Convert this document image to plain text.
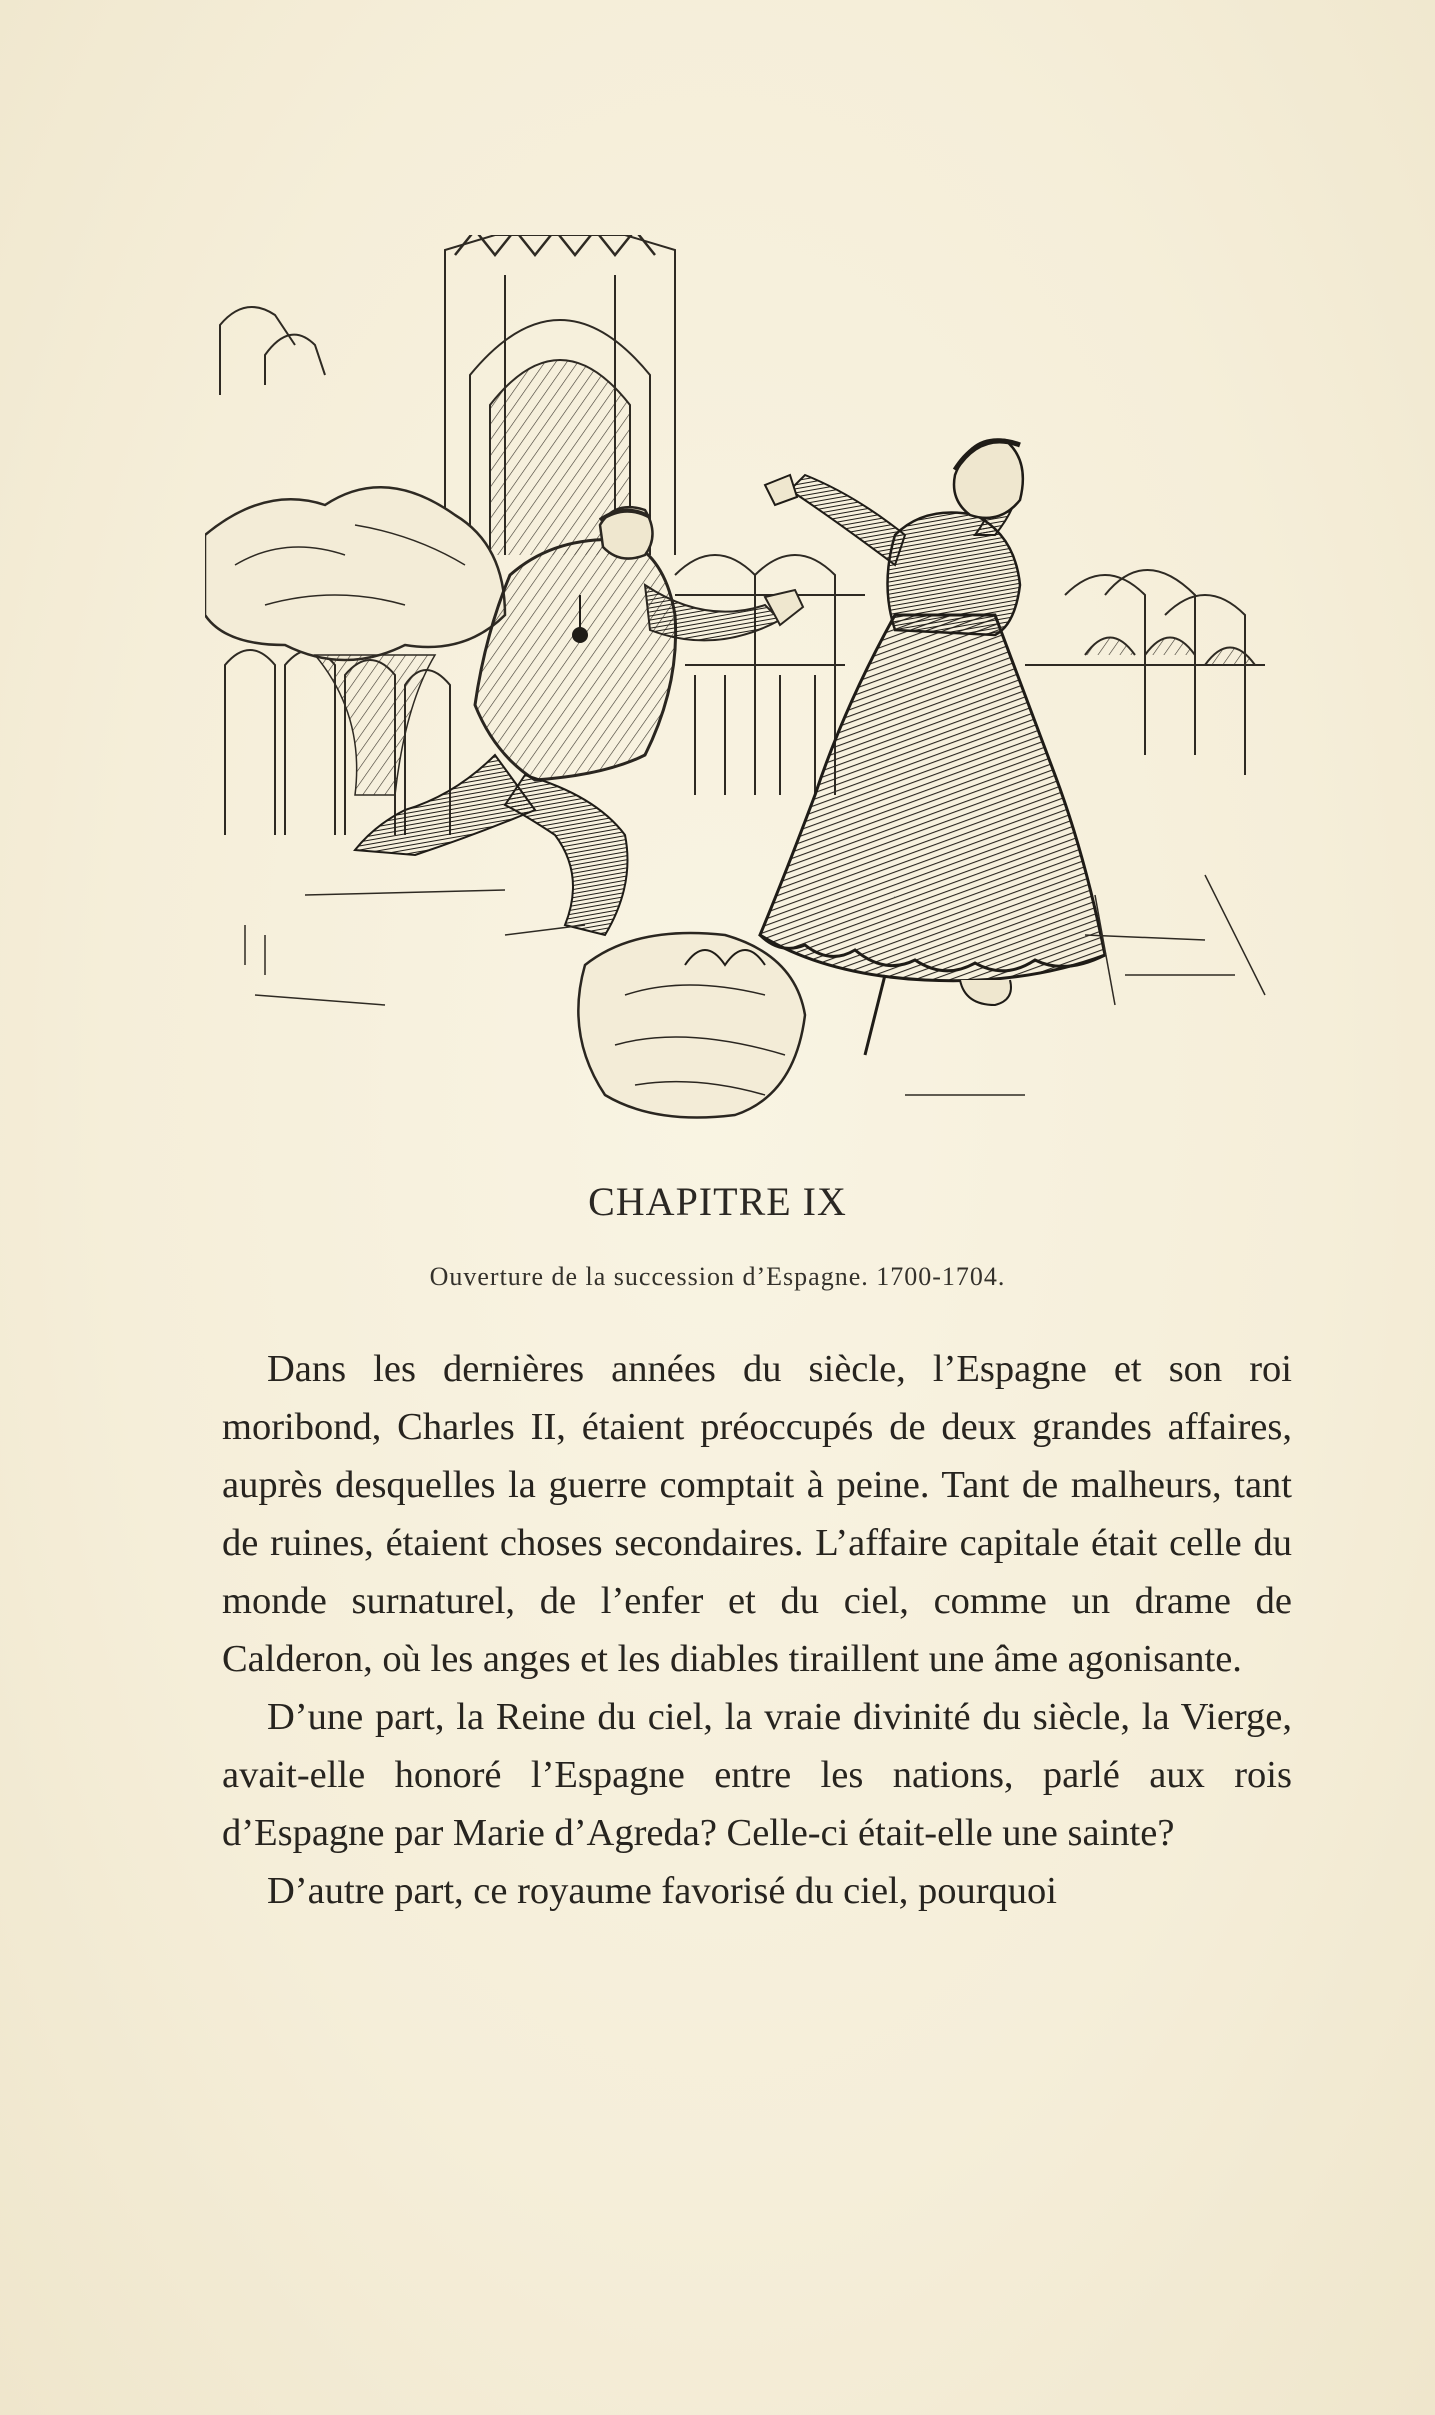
CHAPITRE IX
Ouverture de la succession d’Espagne. 1700-1704.

Dans les dernières années du siècle, l’Espagne et son roi moribond, Charles II, étaient préoccupés de deux grandes affaires, auprès desquelles la guerre comptait à peine. Tant de malheurs, tant de ruines, étaient choses secondaires. L’affaire capitale était celle du monde surnaturel, de l’enfer et du ciel, comme un drame de Calderon, où les anges et les diables tiraillent une âme agonisante.

D’une part, la Reine du ciel, la vraie divinité du siècle, la Vierge, avait-elle honoré l’Espagne entre les nations, parlé aux rois d’Espagne par Marie d’Agreda? Celle-ci était-elle une sainte?

D’autre part, ce royaume favorisé du ciel, pourquoi
